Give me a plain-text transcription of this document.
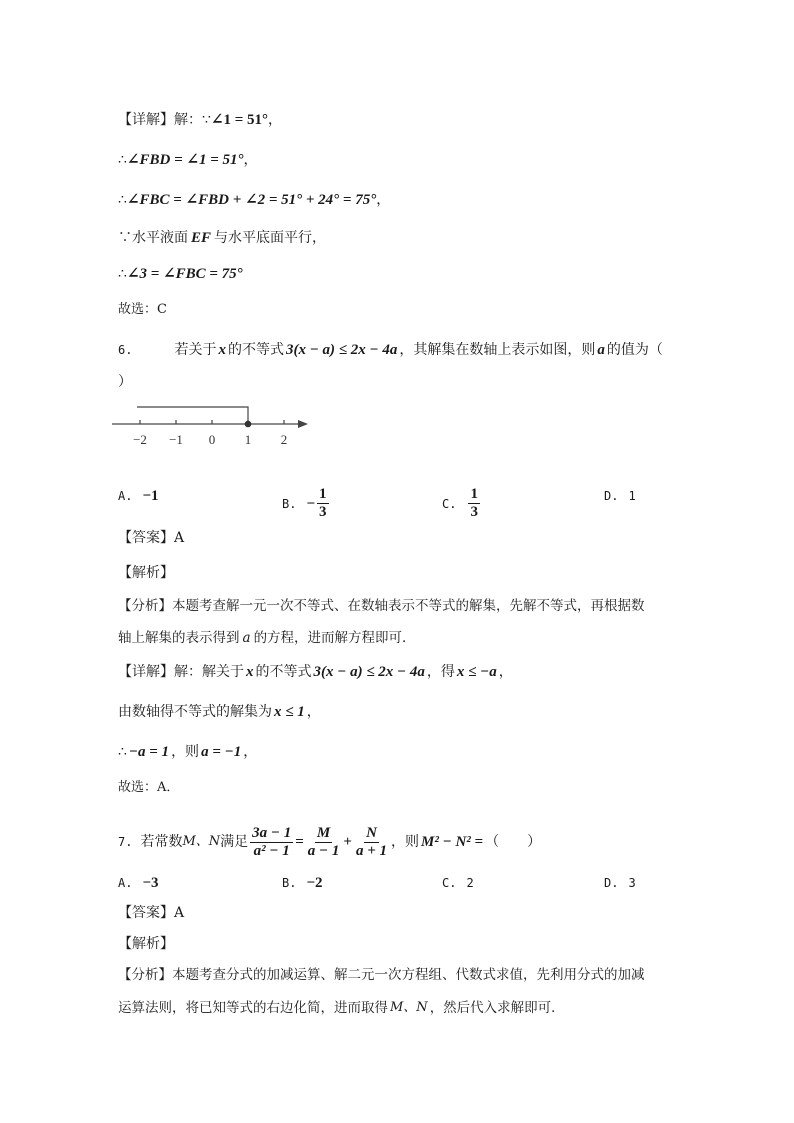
【详解】解： ∵ ∠1 = 51° ，
∴ ∠FBD = ∠1 = 51° ，
∴ ∠FBC = ∠FBD + ∠2 = 51° + 24° = 75° ，
∵水平液面 EF 与水平底面平行，
∴ ∠3 = ∠FBC = 75°
故选：C
6.	若关于 x 的不等式 3(x − a) ≤ 2x − 4a ，其解集在数轴上表示如图，则 a 的值为（
）
−2 −1 0 1 2
A. −1	B. − $\frac{1}{3}$	C. $\frac{1}{3}$	D. 1
【答案】A
【解析】
【分析】本题考查解一元一次不等式、在数轴表示不等式的解集，先解不等式，再根据数
轴上解集的表示得到 a 的方程，进而解方程即可．
【详解】解：解关于 x 的不等式 3(x − a) ≤ 2x − 4a ，得 x ≤ −a ，
由数轴得不等式的解集为 x ≤ 1 ，
∴ −a = 1 ，则 a = −1 ，
故选：A．
7. 若常数 M、N 满足 $\frac{3a - 1}{\text{a² − 1}} = \frac{M}{a - 1} + \frac{N}{a + 1}$ ，则 M² − N² = （　　）
A. −3	B. −2	C. 2	D. 3
【答案】A
【解析】
【分析】本题考查分式的加减运算、解二元一次方程组、代数式求值，先利用分式的加减
运算法则，将已知等式的右边化简，进而取得 M、N ，然后代入求解即可．
